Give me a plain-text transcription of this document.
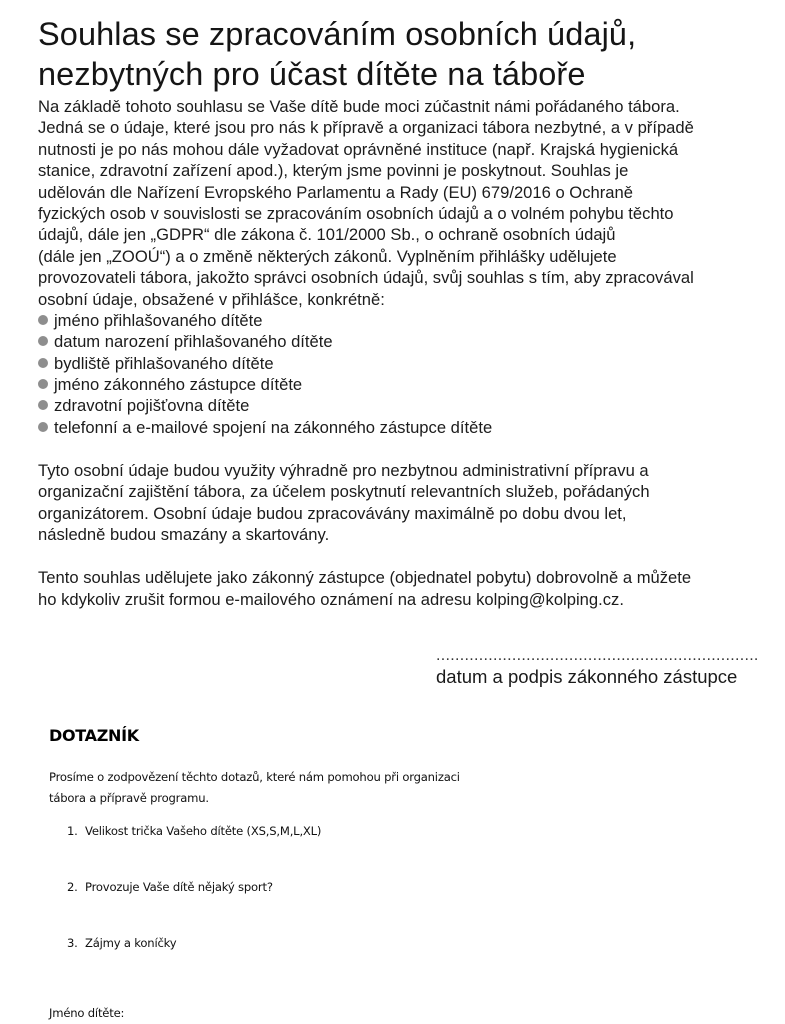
Souhlas se zpracováním osobních údajů,
nezbytných pro účast dítěte na táboře
Na základě tohoto souhlasu se Vaše dítě bude moci zúčastnit námi pořádaného tábora.
Jedná se o údaje, které jsou pro nás k přípravě a organizaci tábora nezbytné, a v případě
nutnosti je po nás mohou dále vyžadovat oprávněné instituce (např. Krajská hygienická
stanice, zdravotní zařízení apod.), kterým jsme povinni je poskytnout. Souhlas je
udělován dle Nařízení Evropského Parlamentu a Rady (EU) 679/2016 o Ochraně
fyzických osob v souvislosti se zpracováním osobních údajů a o volném pohybu těchto
údajů, dále jen „GDPR“ dle zákona č. 101/2000 Sb., o ochraně osobních údajů
(dále jen „ZOOÚ“) a o změně některých zákonů. Vyplněním přihlášky udělujete
provozovateli tábora, jakožto správci osobních údajů, svůj souhlas s tím, aby zpracovával
osobní údaje, obsažené v přihlášce, konkrétně:
jméno přihlašovaného dítěte
datum narození přihlašovaného dítěte
bydliště přihlašovaného dítěte
jméno zákonného zástupce dítěte
zdravotní pojišťovna dítěte
telefonní a e-mailové spojení na zákonného zástupce dítěte
Tyto osobní údaje budou využity výhradně pro nezbytnou administrativní přípravu a
organizační zajištění tábora, za účelem poskytnutí relevantních služeb, pořádaných
organizátorem. Osobní údaje budou zpracovávány maximálně po dobu dvou let,
následně budou smazány a skartovány.
Tento souhlas udělujete jako zákonný zástupce (objednatel pobytu) dobrovolně a můžete
ho kdykoliv zrušit formou e-mailového oznámení na adresu kolping@kolping.cz.
....................................................................
datum a podpis zákonného zástupce
DOTAZNÍK
Prosíme o zodpovězení těchto dotazů, které nám pomohou při organizaci
tábora a přípravě programu.
1. Velikost trička Vašeho dítěte (XS,S,M,L,XL)
2. Provozuje Vaše dítě nějaký sport?
3. Zájmy a koníčky
Jméno dítěte:
